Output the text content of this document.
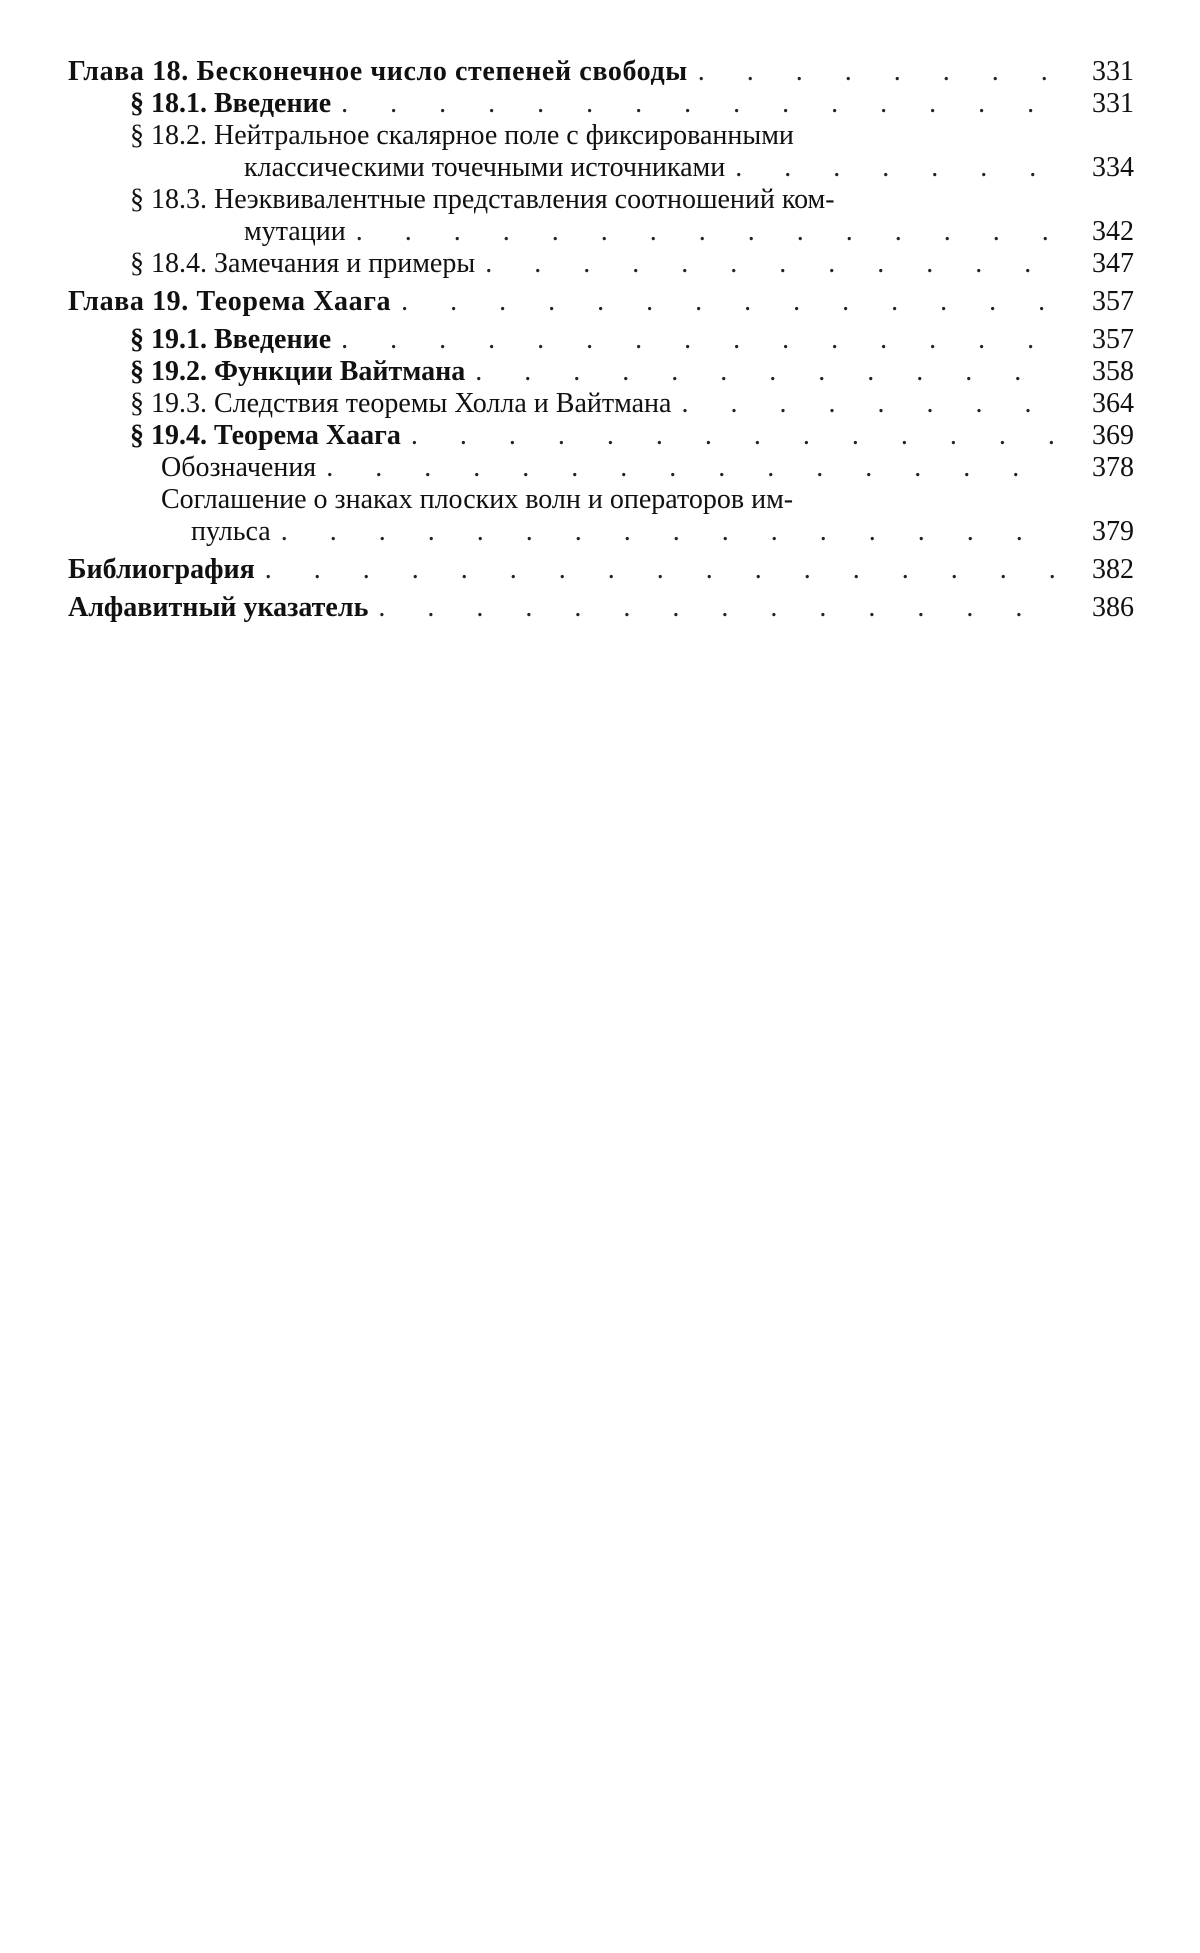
Глава 18. Бесконечное число степеней свободы .	331
§ 18.1. Введение .	331
§ 18.2. Нейтральное скалярное поле с фиксированными
классическими точечными источниками .	334
§ 18.3. Неэквивалентные представления соотношений ком-
мутации .	342
§ 18.4. Замечания и примеры .	347
Глава 19. Теорема Хаага .	357
§ 19.1. Введение .	357
§ 19.2. Функции Вайтмана .	358
§ 19.3. Следствия теоремы Холла и Вайтмана .	364
§ 19.4. Теорема Хаага .	369
Обозначения .	378
Соглашение о знаках плоских волн и операторов им-
пульса .	379
Библиография .	382
Алфавитный указатель .	386
